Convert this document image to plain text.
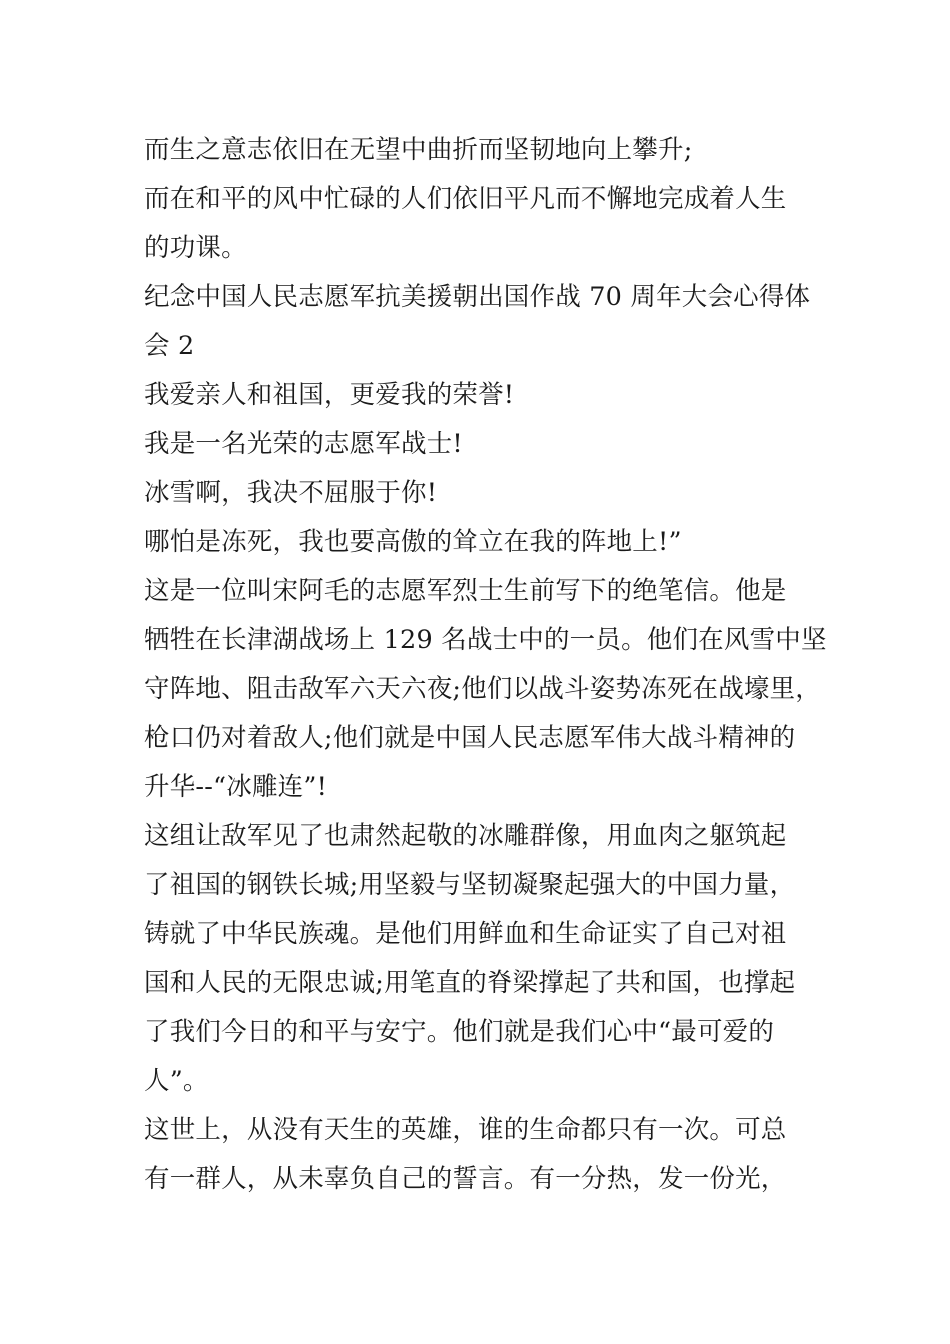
而生之意志依旧在无望中曲折而坚韧地向上攀升;
而在和平的风中忙碌的人们依旧平凡而不懈地完成着人生
的功课。
纪念中国人民志愿军抗美援朝出国作战 70 周年大会心得体
会 2
我爱亲人和祖国，更爱我的荣誉!
我是一名光荣的志愿军战士!
冰雪啊，我决不屈服于你!
哪怕是冻死，我也要高傲的耸立在我的阵地上!”
这是一位叫宋阿毛的志愿军烈士生前写下的绝笔信。他是
牺牲在长津湖战场上 129 名战士中的一员。他们在风雪中坚
守阵地、阻击敌军六天六夜;他们以战斗姿势冻死在战壕里，
枪口仍对着敌人;他们就是中国人民志愿军伟大战斗精神的
升华--“冰雕连”!
这组让敌军见了也肃然起敬的冰雕群像，用血肉之躯筑起
了祖国的钢铁长城;用坚毅与坚韧凝聚起强大的中国力量，
铸就了中华民族魂。是他们用鲜血和生命证实了自己对祖
国和人民的无限忠诚;用笔直的脊梁撑起了共和国，也撑起
了我们今日的和平与安宁。他们就是我们心中“最可爱的
人”。
这世上，从没有天生的英雄，谁的生命都只有一次。可总
有一群人，从未辜负自己的誓言。有一分热，发一份光，
